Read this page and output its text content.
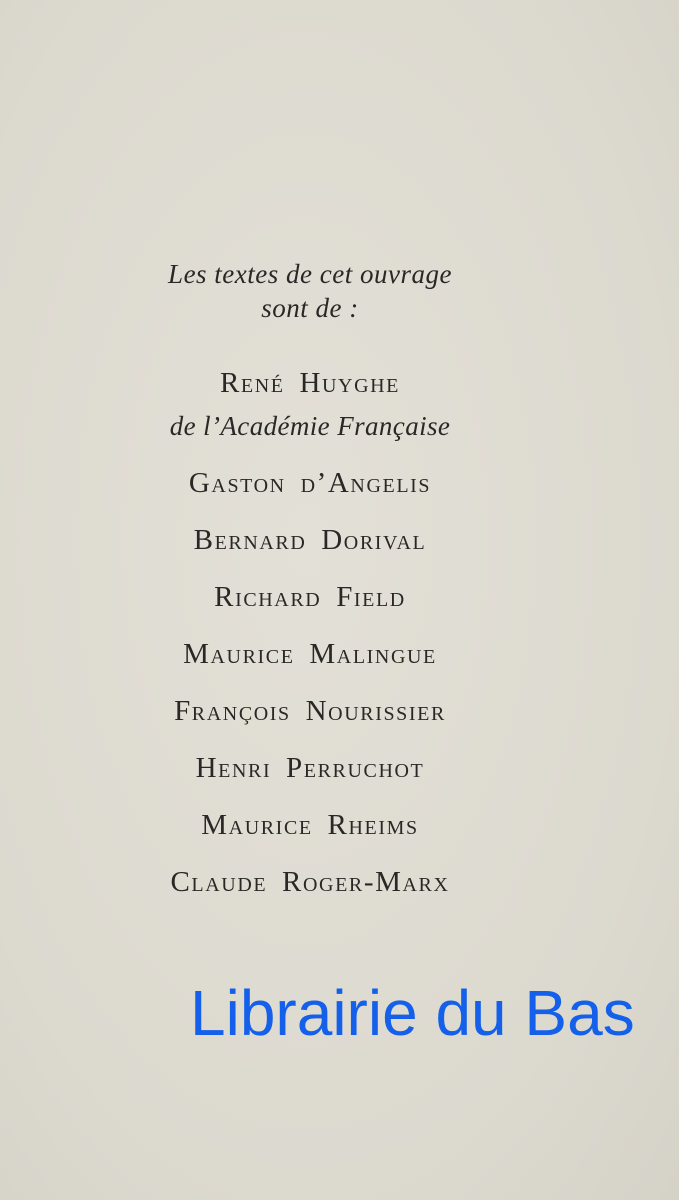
Les textes de cet ouvrage
sont de :
René Huyghe
de l’Académie Française
Gaston d’Angelis
Bernard Dorival
Richard Field
Maurice Malingue
François Nourissier
Henri Perruchot
Maurice Rheims
Claude Roger-Marx
Librairie du Bas
